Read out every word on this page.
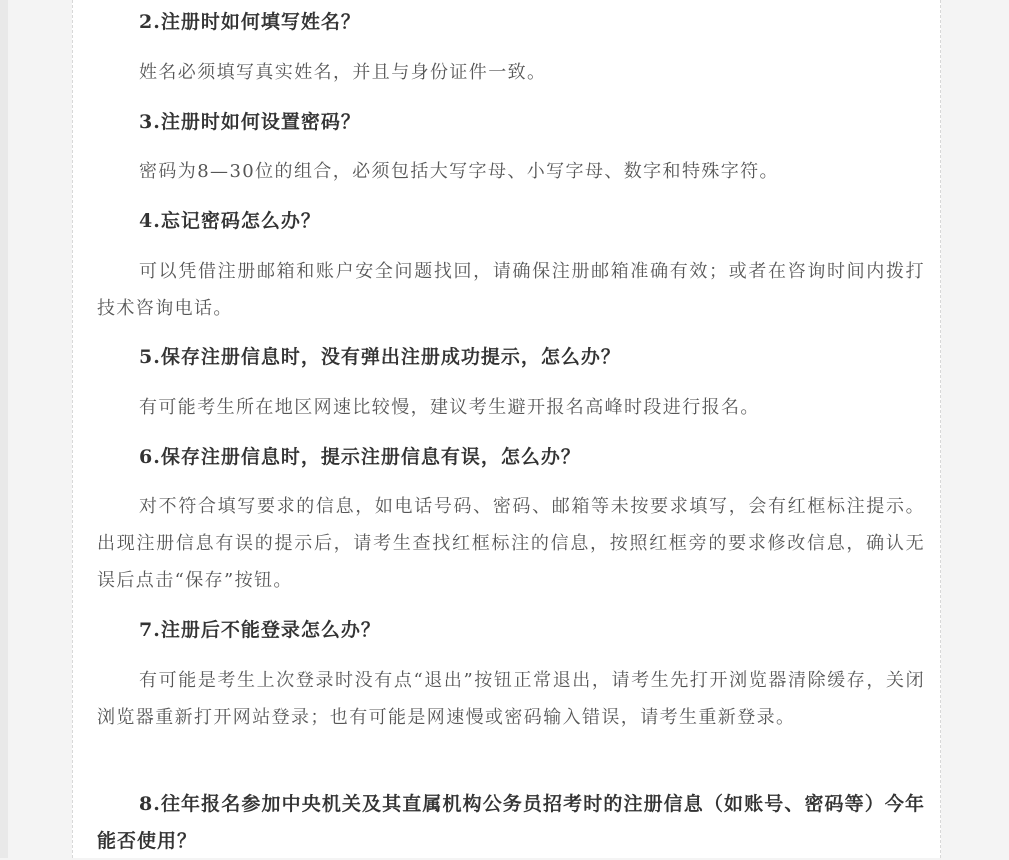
2.注册时如何填写姓名？

姓名必须填写真实姓名，并且与身份证件一致。

3.注册时如何设置密码？

密码为8—30位的组合，必须包括大写字母、小写字母、数字和特殊字符。

4.忘记密码怎么办？

可以凭借注册邮箱和账户安全问题找回，请确保注册邮箱准确有效；或者在咨询时间内拨打技术咨询电话。

5.保存注册信息时，没有弹出注册成功提示，怎么办？

有可能考生所在地区网速比较慢，建议考生避开报名高峰时段进行报名。

6.保存注册信息时，提示注册信息有误，怎么办？

对不符合填写要求的信息，如电话号码、密码、邮箱等未按要求填写，会有红框标注提示。出现注册信息有误的提示后，请考生查找红框标注的信息，按照红框旁的要求修改信息，确认无误后点击“保存”按钮。

7.注册后不能登录怎么办？

有可能是考生上次登录时没有点“退出”按钮正常退出，请考生先打开浏览器清除缓存，关闭浏览器重新打开网站登录；也有可能是网速慢或密码输入错误，请考生重新登录。

8.往年报名参加中央机关及其直属机构公务员招考时的注册信息（如账号、密码等）今年能否使用？
